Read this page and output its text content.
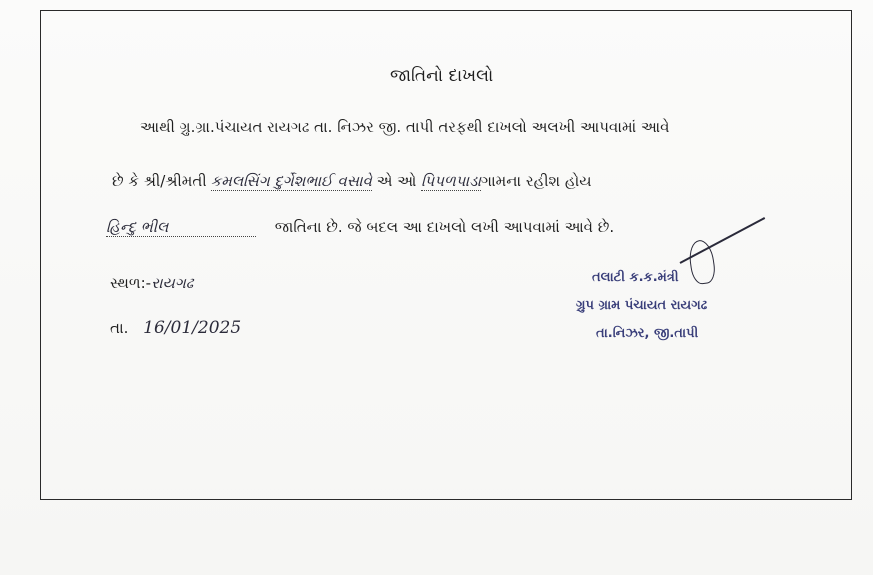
જાતિનો દાખલો
આથી ગ્રુ.ગ્રા.પંચાયત રાયગઢ તા. નિઝર જી. તાપી તરફથી દાખલો અલખી આપવામાં આવે
છે કે શ્રી/શ્રીમતી કમલસિંગ દુર્ગેશભાઈ વસાવે એ ઓ પિપળપાડાગામના રહીશ હોય
હિન્દુ ભીલ	જાતિના છે. જે બદલ આ દાખલો લખી આપવામાં આવે છે.
સ્થળ:-રાયગઢ
તા. 16/01/2025
તલાટી ક.ક.મંત્રી
ગ્રુપ ગ્રામ પંચાયત રાયગઢ
તા.નિઝર, જી.તાપી
